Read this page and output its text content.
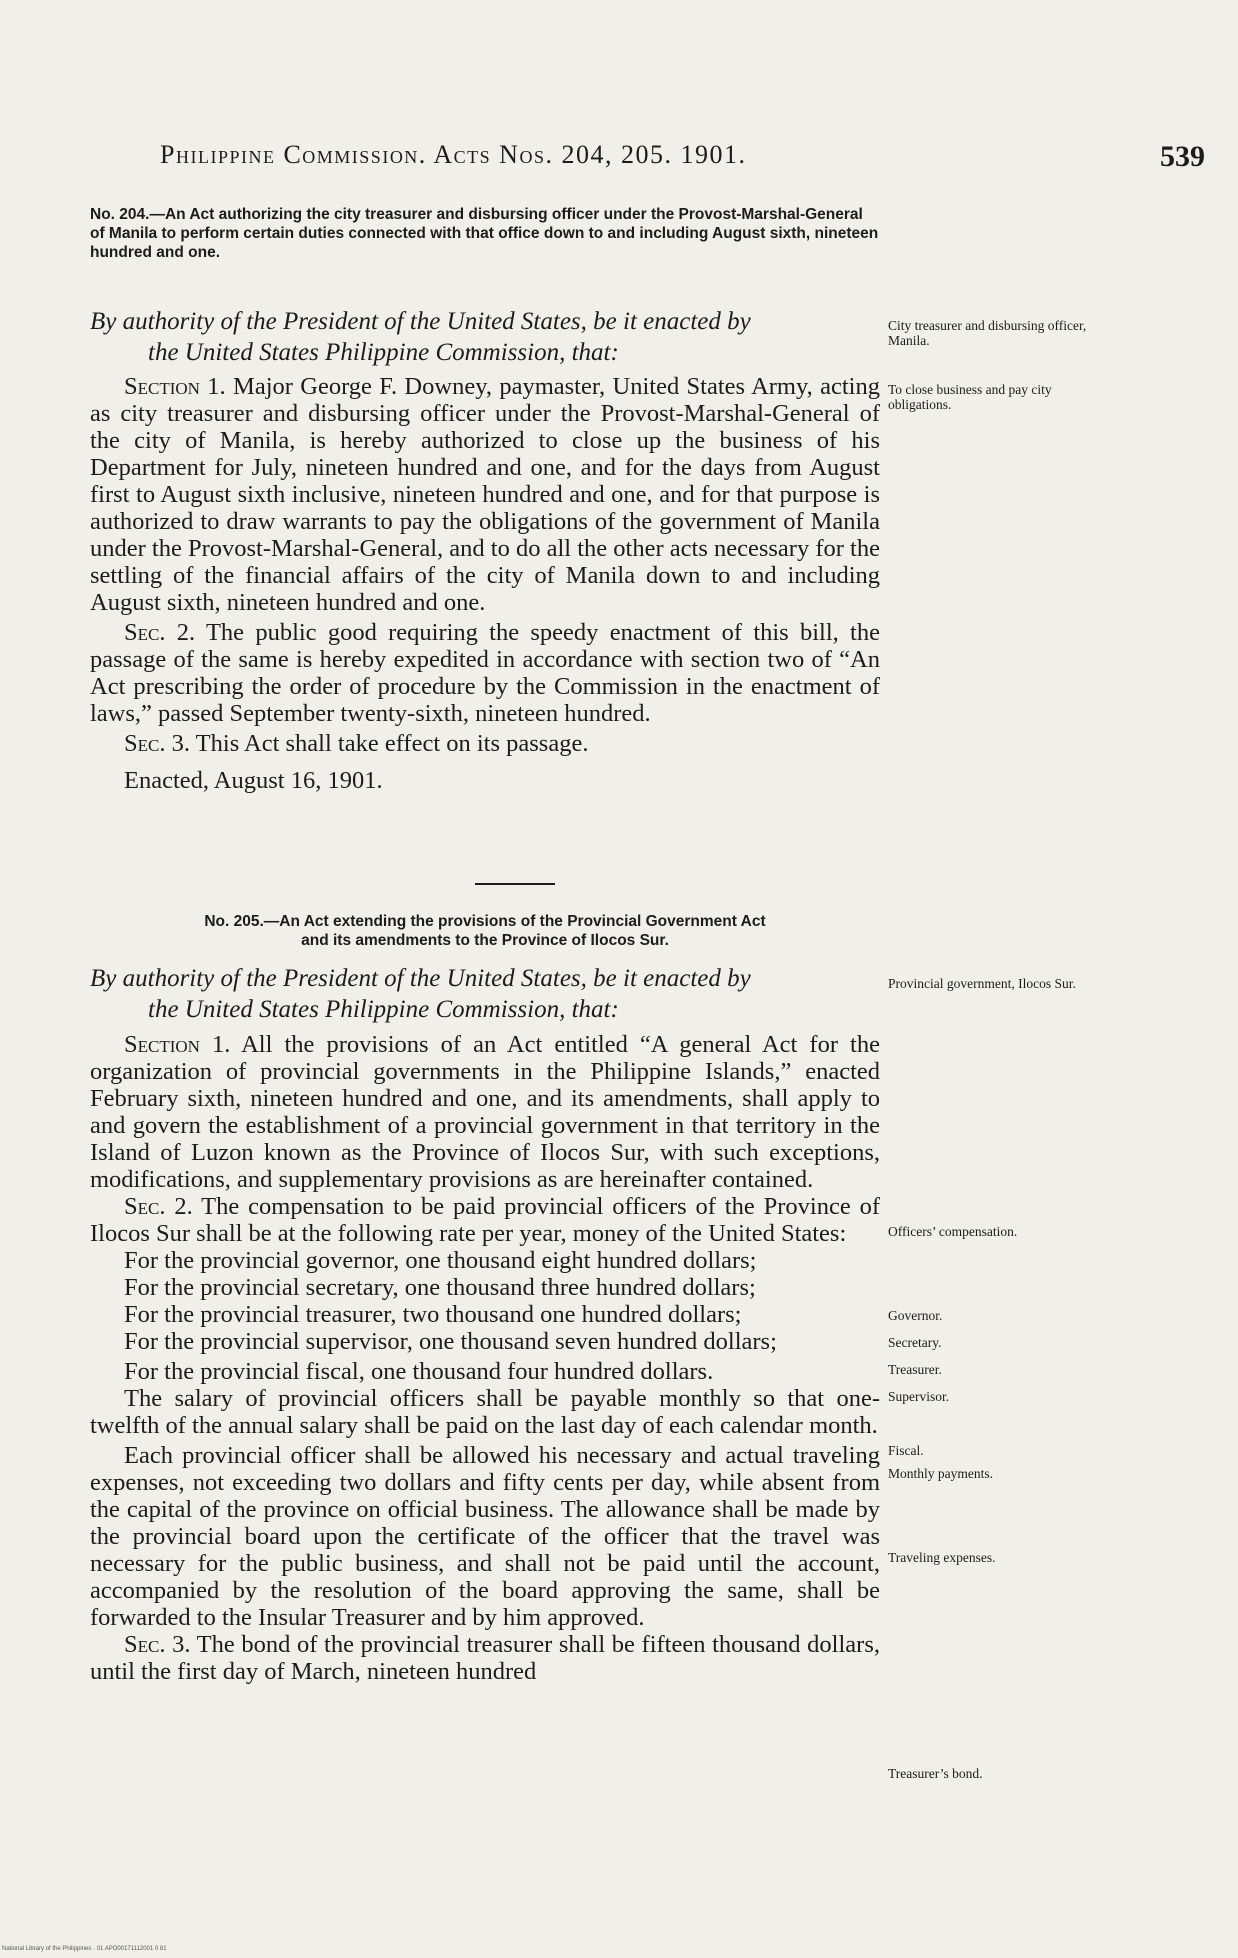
Philippine Commission. Acts Nos. 204, 205. 1901.	539

No. 204.—An Act authorizing the city treasurer and disbursing officer under the Provost-Marshal-General of Manila to perform certain duties connected with that office down to and including August sixth, nineteen hundred and one.

By authority of the President of the United States, be it enacted by
the United States Philippine Commission, that:

Section 1. Major George F. Downey, paymaster, United States Army, acting as city treasurer and disbursing officer under the Provost-Marshal-General of the city of Manila, is hereby authorized to close up the business of his Department for July, nineteen hundred and one, and for the days from August first to August sixth inclusive, nineteen hundred and one, and for that purpose is authorized to draw warrants to pay the obligations of the government of Manila under the Provost-Marshal-General, and to do all the other acts necessary for the settling of the financial affairs of the city of Manila down to and including August sixth, nineteen hundred and one.

Sec. 2. The public good requiring the speedy enactment of this bill, the passage of the same is hereby expedited in accordance with section two of “An Act prescribing the order of procedure by the Commission in the enactment of laws,” passed September twenty-sixth, nineteen hundred.

Sec. 3. This Act shall take effect on its passage.

Enacted, August 16, 1901.

City treasurer and disbursing officer, Manila.

To close business and pay city obligations.

No. 205.—An Act extending the provisions of the Provincial Government Act

and its amendments to the Province of Ilocos Sur.

By authority of the President of the United States, be it enacted by
the United States Philippine Commission, that:

Section 1. All the provisions of an Act entitled “A general Act for the organization of provincial governments in the Philippine Islands,” enacted February sixth, nineteen hundred and one, and its amendments, shall apply to and govern the establishment of a provincial government in that territory in the Island of Luzon known as the Province of Ilocos Sur, with such exceptions, modifications, and supplementary provisions as are hereinafter contained.

Sec. 2. The compensation to be paid provincial officers of the Province of Ilocos Sur shall be at the following rate per year, money of the United States:

For the provincial governor, one thousand eight hundred dollars;

For the provincial secretary, one thousand three hundred dollars;

For the provincial treasurer, two thousand one hundred dollars;

For the provincial supervisor, one thousand seven hundred dollars;

For the provincial fiscal, one thousand four hundred dollars.

The salary of provincial officers shall be payable monthly so that one-twelfth of the annual salary shall be paid on the last day of each calendar month.

Each provincial officer shall be allowed his necessary and actual traveling expenses, not exceeding two dollars and fifty cents per day, while absent from the capital of the province on official business. The allowance shall be made by the provincial board upon the certificate of the officer that the travel was necessary for the public business, and shall not be paid until the account, accompanied by the resolution of the board approving the same, shall be forwarded to the Insular Treasurer and by him approved.

Sec. 3. The bond of the provincial treasurer shall be fifteen thousand dollars, until the first day of March, nineteen hundred

Provincial government, Ilocos Sur.

Officers’ compensation.

Governor.

Secretary.

Treasurer.

Supervisor.

Fiscal.

Monthly payments.

Traveling expenses.

Treasurer’s bond.

National Library of the Philippines · 01 APO00171112001 0 81
